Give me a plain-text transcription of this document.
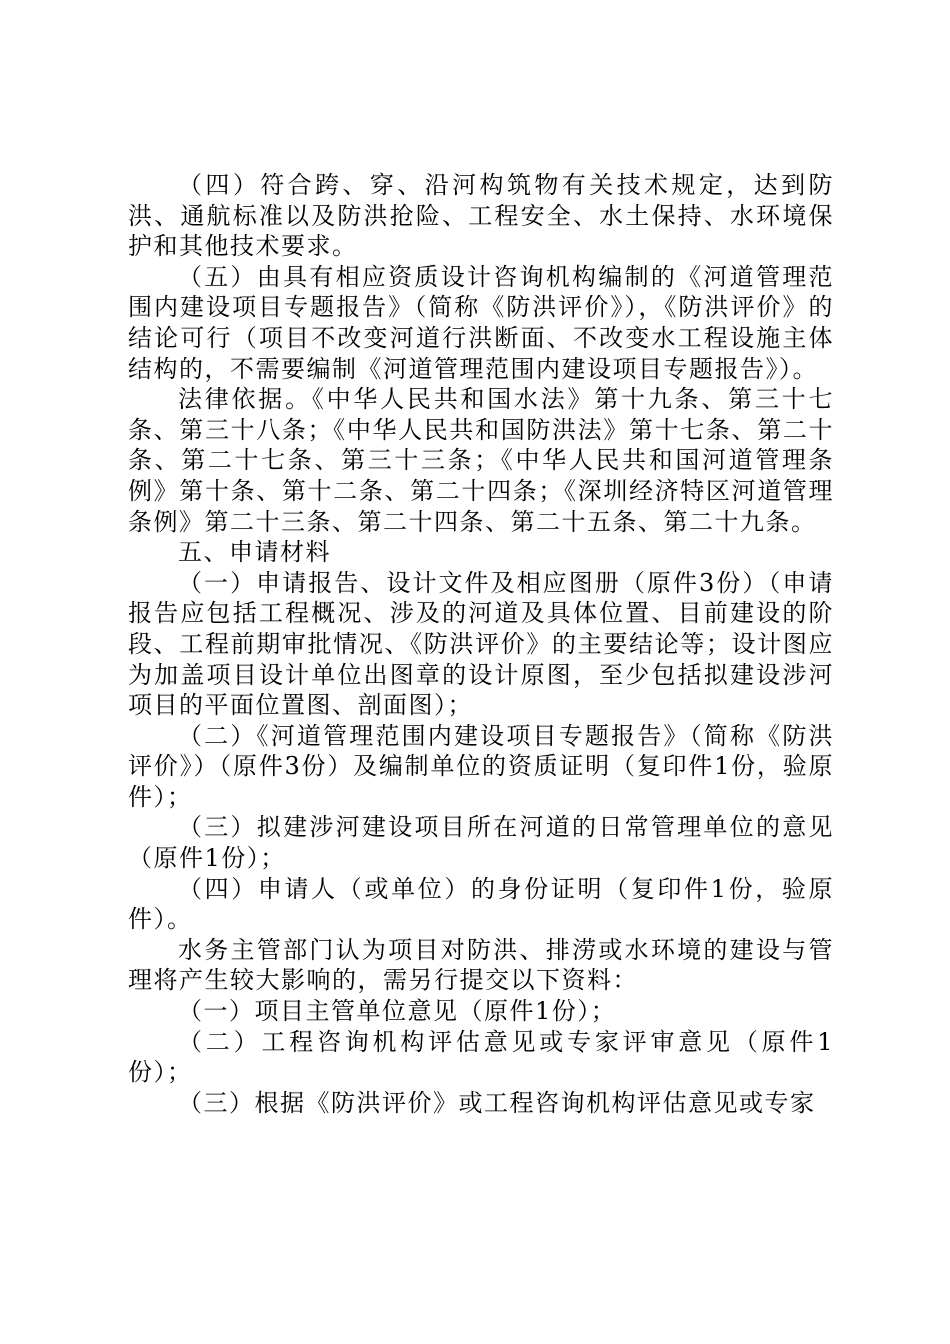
（四）符合跨、穿、沿河构筑物有关技术规定，达到防洪、通航标准以及防洪抢险、工程安全、水土保持、水环境保护和其他技术要求。

（五）由具有相应资质设计咨询机构编制的《河道管理范围内建设项目专题报告》（简称《防洪评价》），《防洪评价》的结论可行（项目不改变河道行洪断面、不改变水工程设施主体结构的，不需要编制《河道管理范围内建设项目专题报告》）。

法律依据。《中华人民共和国水法》第十九条、第三十七条、第三十八条；《中华人民共和国防洪法》第十七条、第二十条、第二十七条、第三十三条；《中华人民共和国河道管理条例》第十条、第十二条、第二十四条；《深圳经济特区河道管理条例》第二十三条、第二十四条、第二十五条、第二十九条。

五、申请材料

（一）申请报告、设计文件及相应图册（原件3份）（申请报告应包括工程概况、涉及的河道及具体位置、目前建设的阶段、工程前期审批情况、《防洪评价》的主要结论等；设计图应为加盖项目设计单位出图章的设计原图，至少包括拟建设涉河项目的平面位置图、剖面图）；

（二）《河道管理范围内建设项目专题报告》（简称《防洪评价》）（原件3份）及编制单位的资质证明（复印件1份，验原件）；

（三）拟建涉河建设项目所在河道的日常管理单位的意见（原件1份）；

（四）申请人（或单位）的身份证明（复印件1份，验原件）。

水务主管部门认为项目对防洪、排涝或水环境的建设与管理将产生较大影响的，需另行提交以下资料：

（一）项目主管单位意见（原件1份）；

（二）工程咨询机构评估意见或专家评审意见（原件1份）；

（三）根据《防洪评价》或工程咨询机构评估意见或专家
